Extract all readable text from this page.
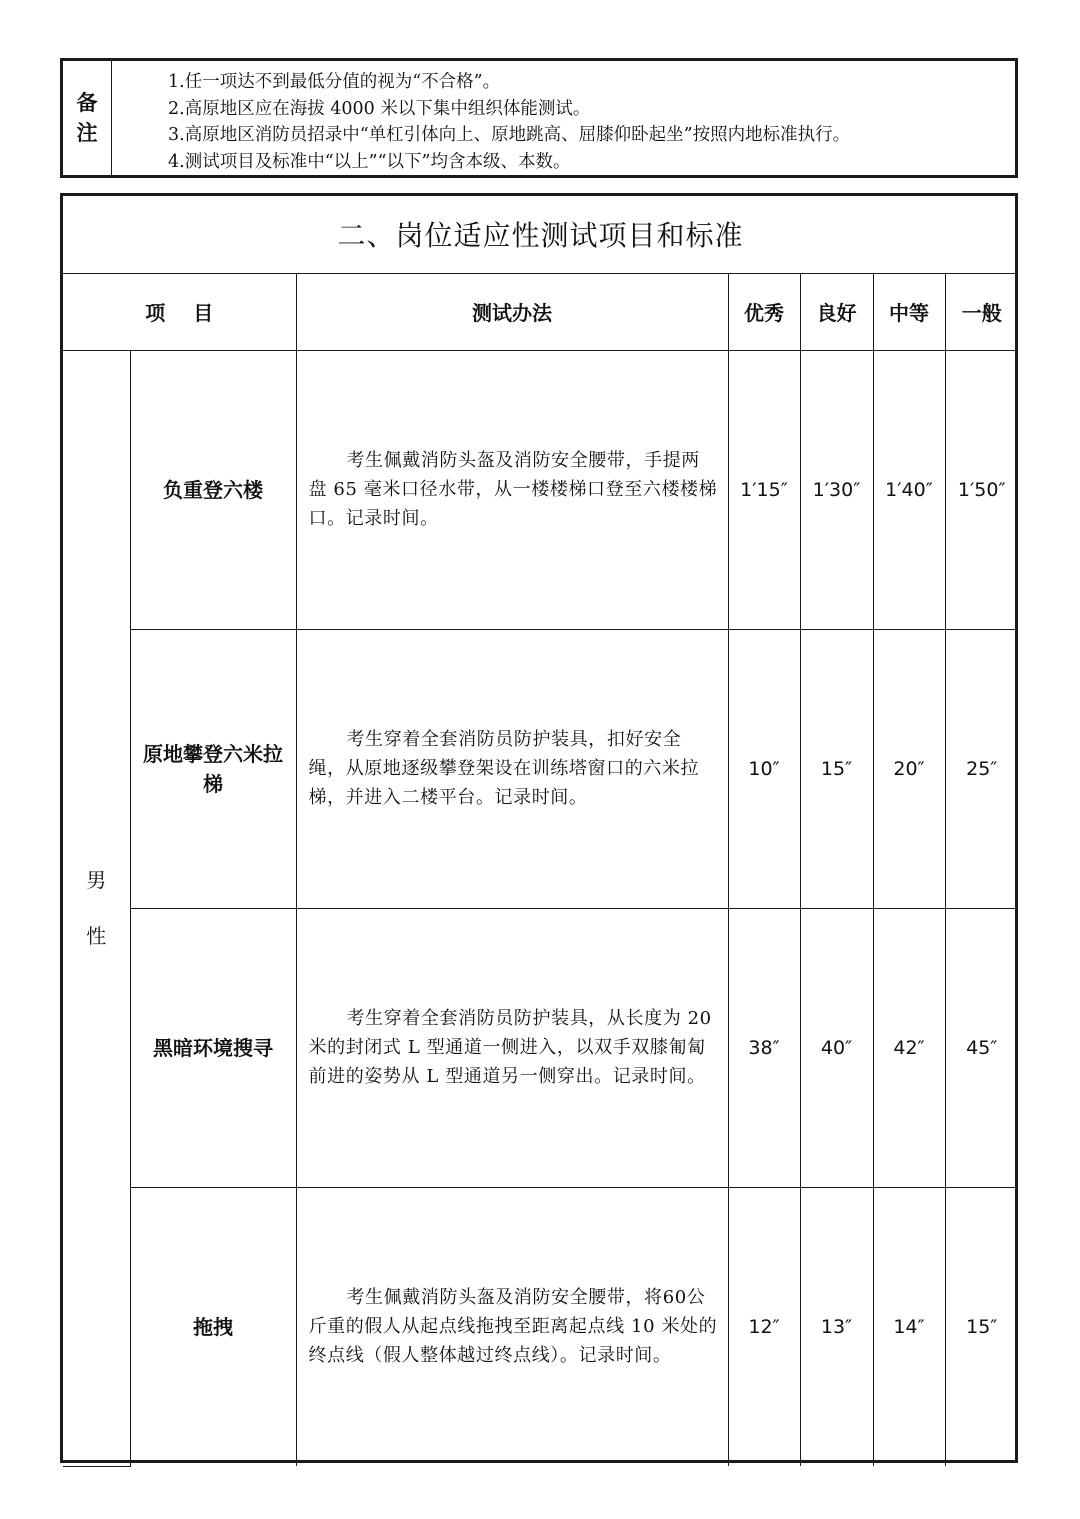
备
注
1.任一项达不到最低分值的视为“不合格”。
2.高原地区应在海拔 4000 米以下集中组织体能测试。
3.高原地区消防员招录中“单杠引体向上、原地跳高、屈膝仰卧起坐”按照内地标准执行。
4.测试项目及标准中“以上”“以下”均含本级、本数。
二、岗位适应性测试项目和标准						
项 目		测试办法	优秀	良好	中等	一般

男
性	负重登六楼	考生佩戴消防头盔及消防安全腰带，手提两盘 65 毫米口径水带，从一楼楼梯口登至六楼楼梯口。记录时间。	1′15″	1′30″	1′40″	1′50″
	原地攀登六米拉梯	考生穿着全套消防员防护装具，扣好安全绳，从原地逐级攀登架设在训练塔窗口的六米拉梯，并进入二楼平台。记录时间。	10″	15″	20″	25″
	黑暗环境搜寻	考生穿着全套消防员防护装具，从长度为 20 米的封闭式 L 型通道一侧进入，以双手双膝匍匐前进的姿势从 L 型通道另一侧穿出。记录时间。	38″	40″	42″	45″
	拖拽	考生佩戴消防头盔及消防安全腰带，将60公斤重的假人从起点线拖拽至距离起点线 10 米处的终点线（假人整体越过终点线）。记录时间。	12″	13″	14″	15″
